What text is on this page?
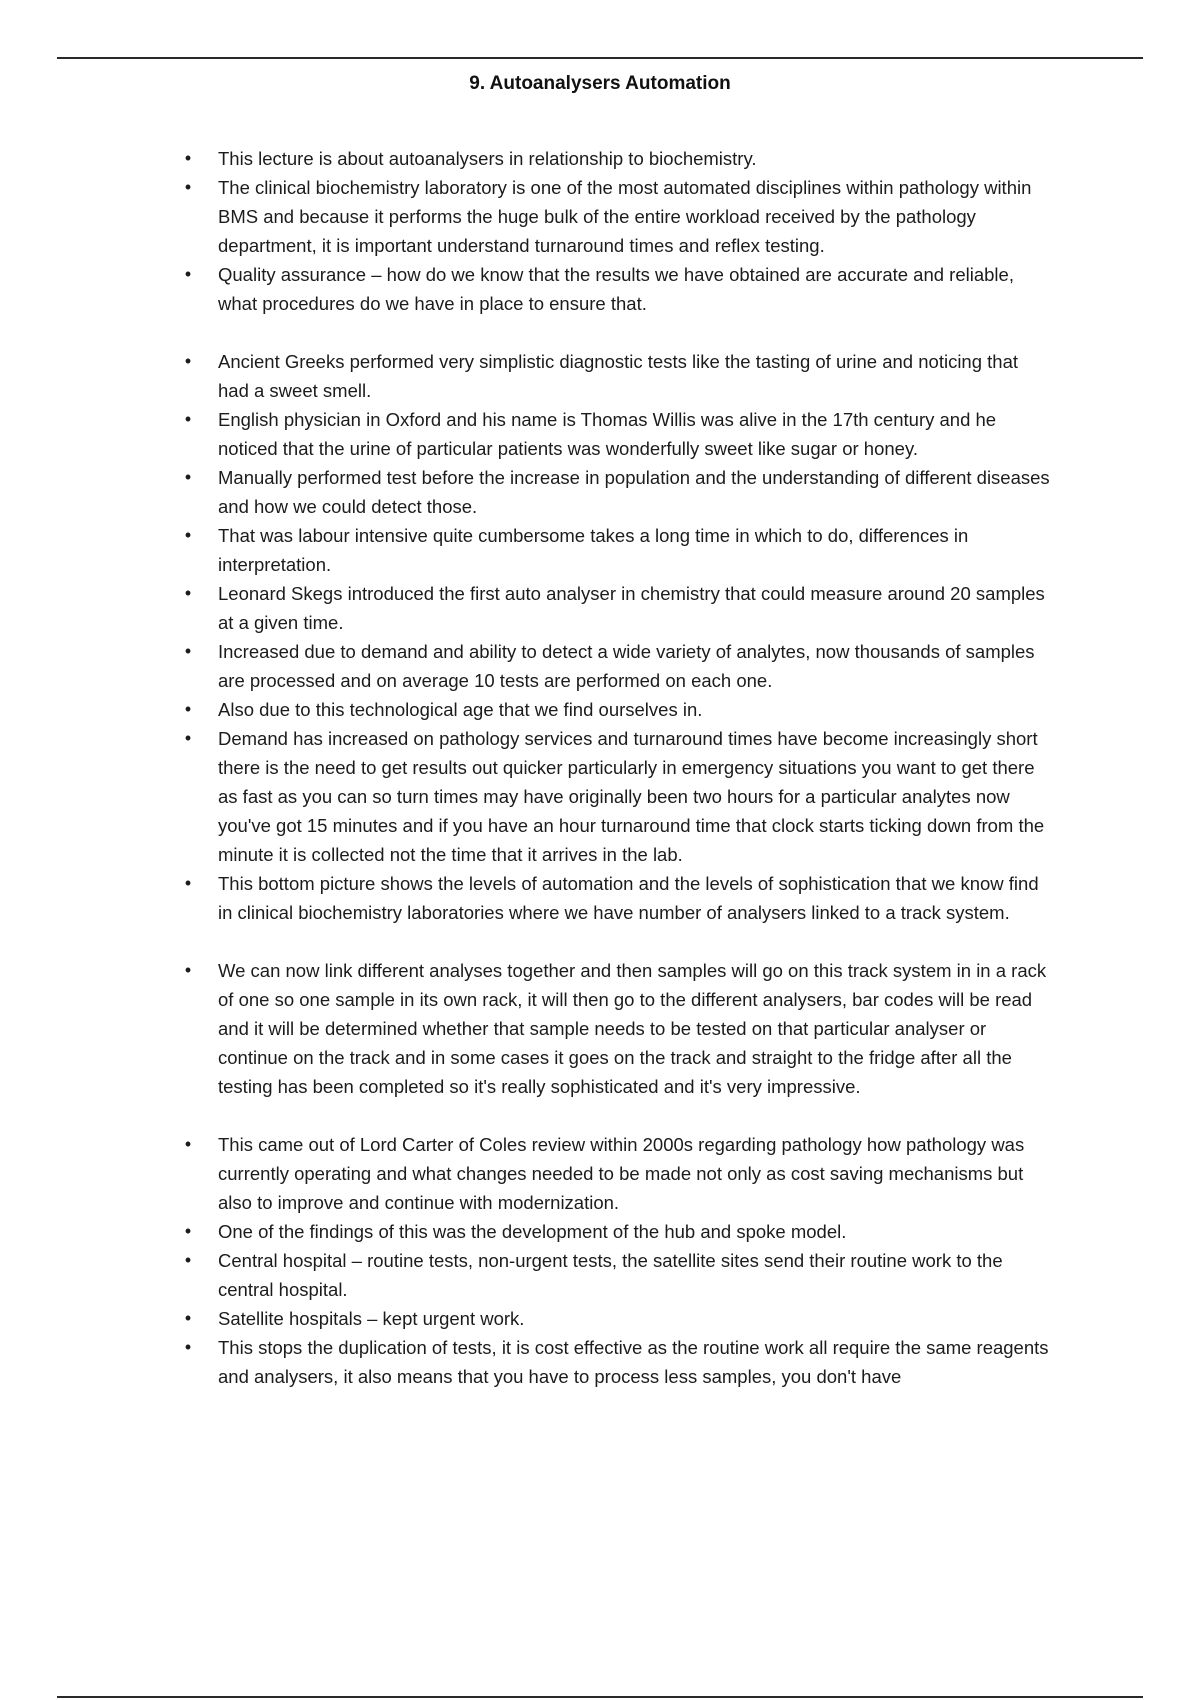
9. Autoanalysers Automation
• This lecture is about autoanalysers in relationship to biochemistry.
• The clinical biochemistry laboratory is one of the most automated disciplines within pathology within BMS and because it performs the huge bulk of the entire workload received by the pathology department, it is important understand turnaround times and reflex testing.
• Quality assurance – how do we know that the results we have obtained are accurate and reliable, what procedures do we have in place to ensure that.
• Ancient Greeks performed very simplistic diagnostic tests like the tasting of urine and noticing that had a sweet smell.
• English physician in Oxford and his name is Thomas Willis was alive in the 17th century and he noticed that the urine of particular patients was wonderfully sweet like sugar or honey.
• Manually performed test before the increase in population and the understanding of different diseases and how we could detect those.
• That was labour intensive quite cumbersome takes a long time in which to do, differences in interpretation.
• Leonard Skegs introduced the first auto analyser in chemistry that could measure around 20 samples at a given time.
• Increased due to demand and ability to detect a wide variety of analytes, now thousands of samples are processed and on average 10 tests are performed on each one.
• Also due to this technological age that we find ourselves in.
• Demand has increased on pathology services and turnaround times have become increasingly short there is the need to get results out quicker particularly in emergency situations you want to get there as fast as you can so turn times may have originally been two hours for a particular analytes now you've got 15 minutes and if you have an hour turnaround time that clock starts ticking down from the minute it is collected not the time that it arrives in the lab.
• This bottom picture shows the levels of automation and the levels of sophistication that we know find in clinical biochemistry laboratories where we have number of analysers linked to a track system.
• We can now link different analyses together and then samples will go on this track system in in a rack of one so one sample in its own rack, it will then go to the different analysers, bar codes will be read and it will be determined whether that sample needs to be tested on that particular analyser or continue on the track and in some cases it goes on the track and straight to the fridge after all the testing has been completed so it's really sophisticated and it's very impressive.
• This came out of Lord Carter of Coles review within 2000s regarding pathology how pathology was currently operating and what changes needed to be made not only as cost saving mechanisms but also to improve and continue with modernization.
• One of the findings of this was the development of the hub and spoke model.
• Central hospital – routine tests, non-urgent tests, the satellite sites send their routine work to the central hospital.
• Satellite hospitals – kept urgent work.
• This stops the duplication of tests, it is cost effective as the routine work all require the same reagents and analysers, it also means that you have to process less samples, you don't have
